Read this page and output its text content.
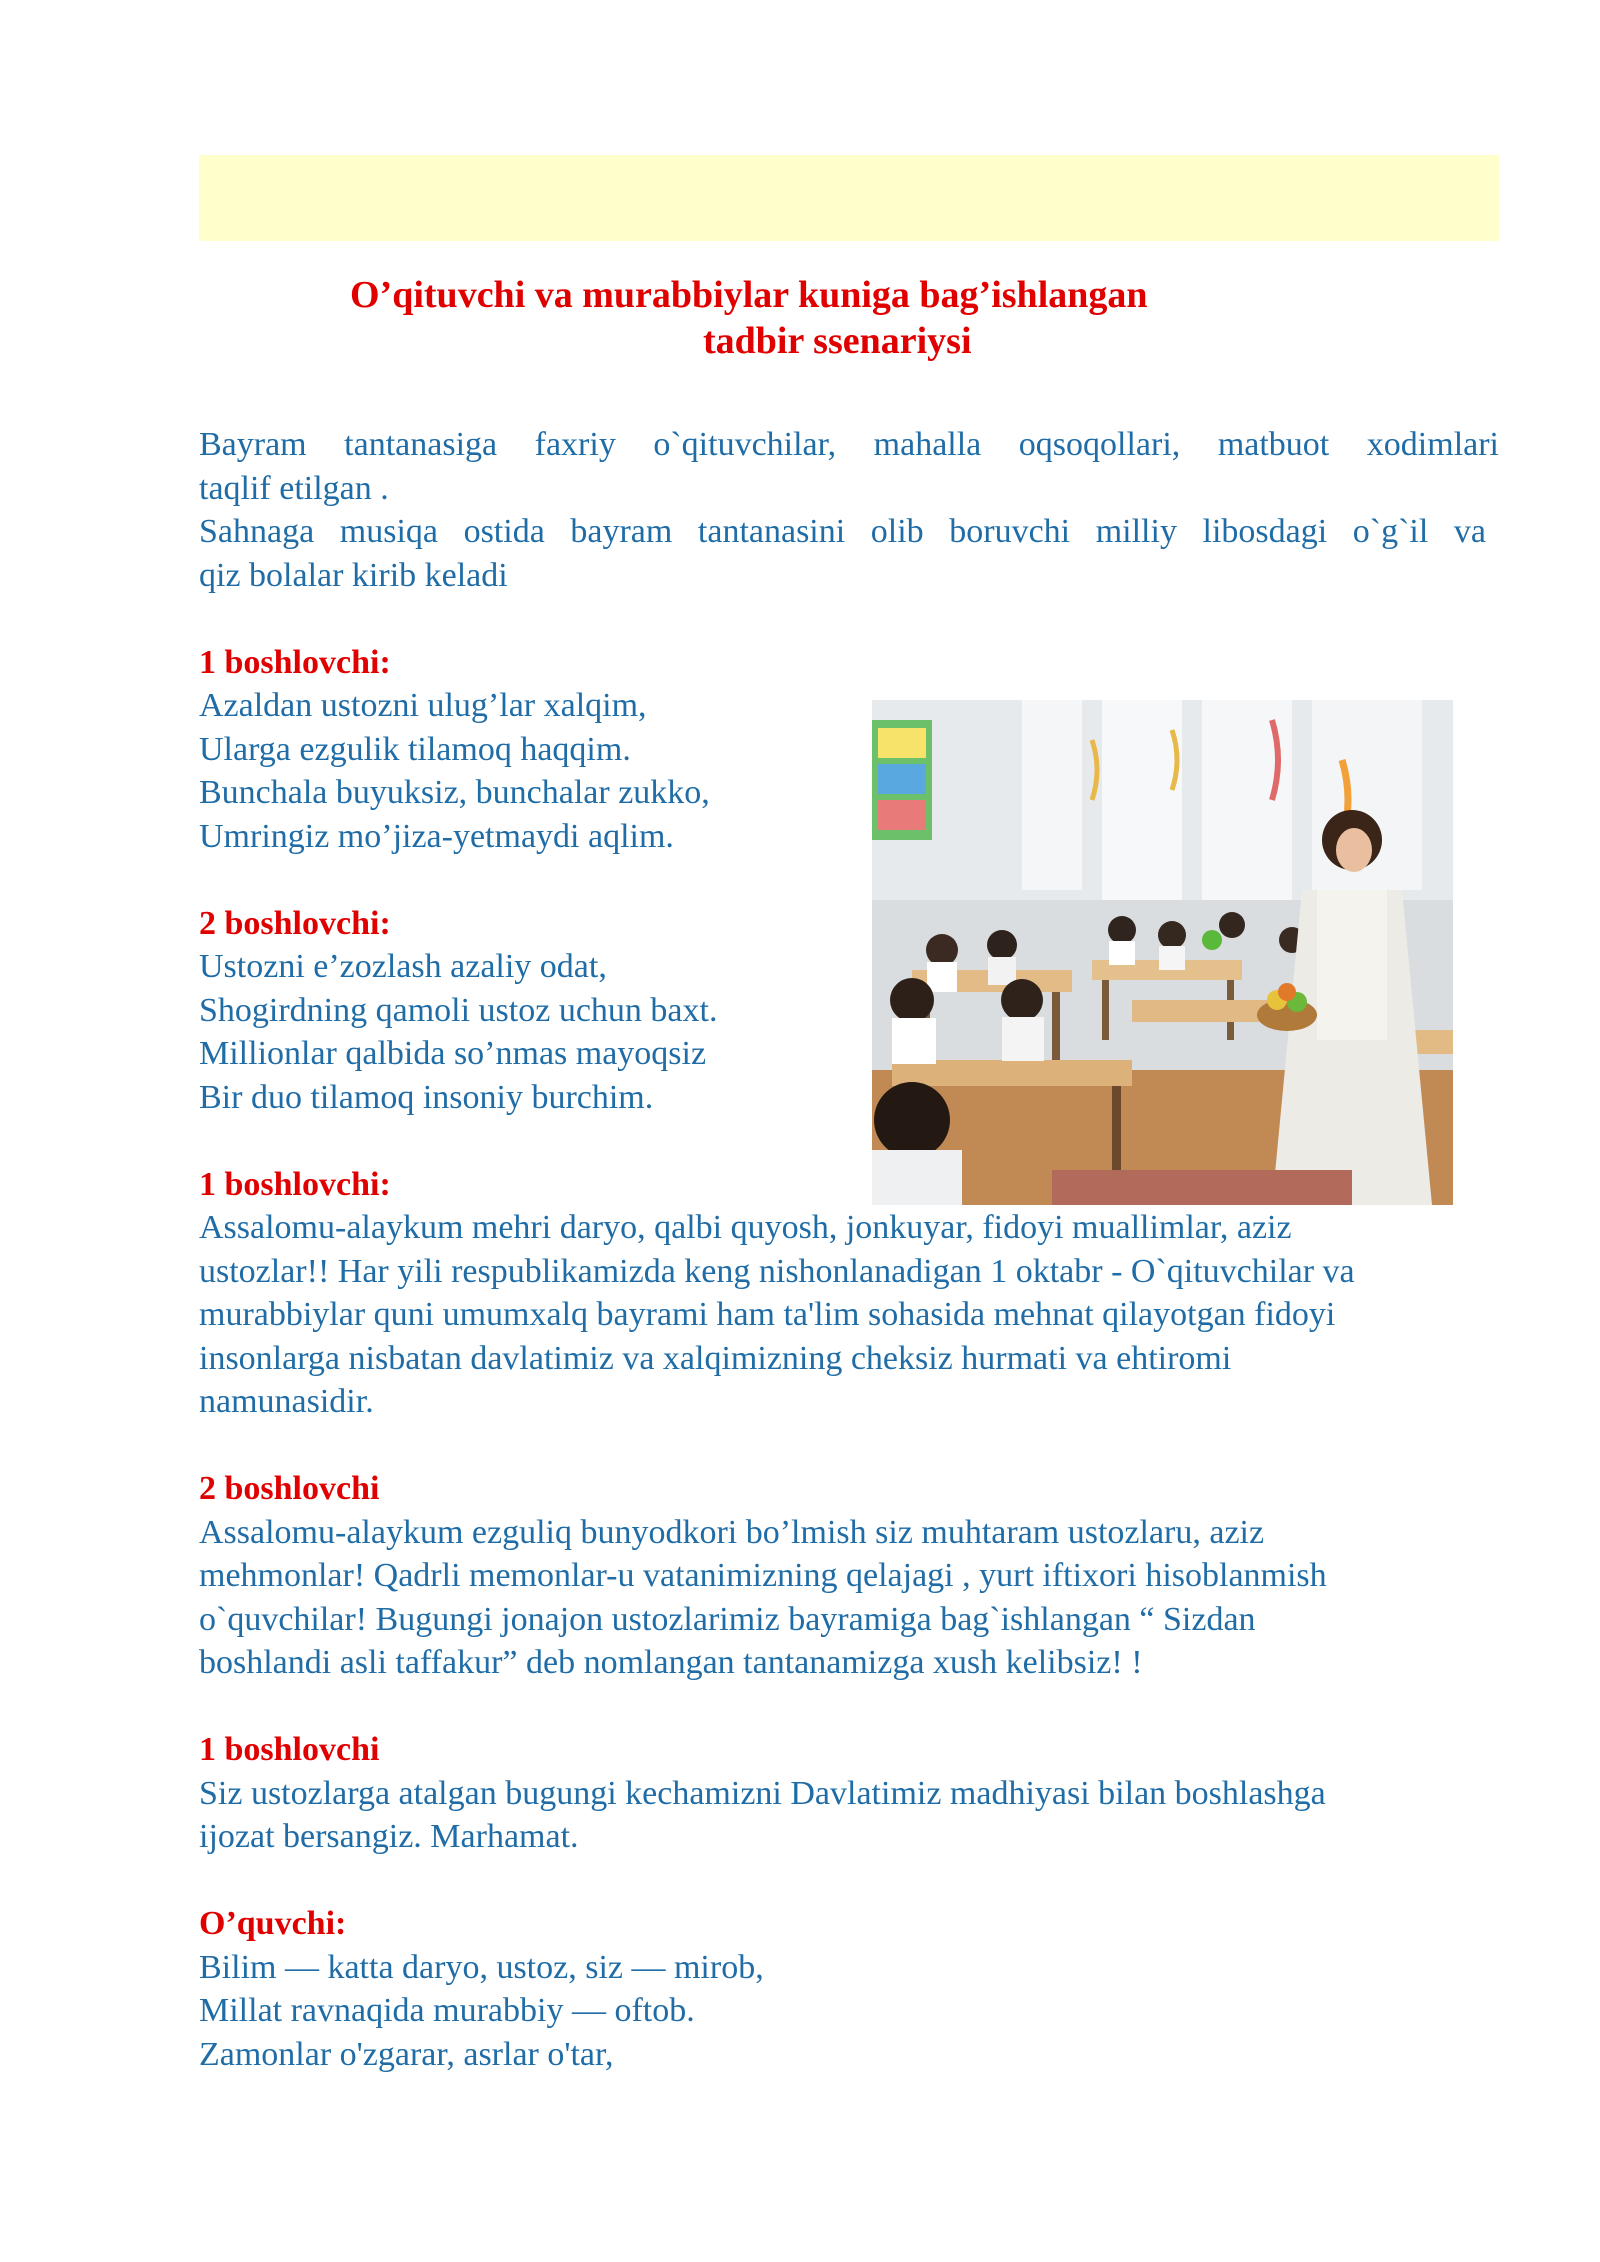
O’qituvchi va murabbiylar kuniga bag’ishlangan
tadbir ssenariysi

Bayram tantanasiga faxriy o`qituvchilar, mahalla oqsoqollari, matbuot xodimlari

taqlif etilgan .

Sahnaga musiqa ostida bayram tantanasini olib boruvchi milliy libosdagi o`g`il va

qiz bolalar kirib keladi

1 boshlovchi:

Azaldan ustozni ulug’lar xalqim,

Ularga ezgulik tilamoq haqqim.

Bunchala buyuksiz, bunchalar zukko,

Umringiz mo’jiza-yetmaydi aqlim.

2 boshlovchi:

Ustozni e’zozlash azaliy odat,

Shogirdning qamoli ustoz uchun baxt.

Millionlar qalbida so’nmas mayoqsiz

Bir duo tilamoq insoniy burchim.

1 boshlovchi:

Assalomu-alaykum mehri daryo, qalbi quyosh, jonkuyar, fidoyi muallimlar, aziz

ustozlar!! Har yili respublikamizda keng nishonlanadigan 1 oktabr - O`qituvchilar va

murabbiylar quni umumxalq bayrami ham ta'lim sohasida mehnat qilayotgan fidoyi

insonlarga nisbatan davlatimiz va xalqimizning cheksiz hurmati va ehtiromi

namunasidir.

2 boshlovchi

Assalomu-alaykum ezguliq bunyodkori bo’lmish siz muhtaram ustozlaru, aziz

mehmonlar! Qadrli memonlar-u vatanimizning qelajagi , yurt iftixori hisoblanmish

o`quvchilar! Bugungi jonajon ustozlarimiz bayramiga bag`ishlangan “ Sizdan

boshlandi asli taffakur” deb nomlangan tantanamizga xush kelibsiz! !

1 boshlovchi

Siz ustozlarga atalgan bugungi kechamizni Davlatimiz madhiyasi bilan boshlashga

ijozat bersangiz. Marhamat.

O’quvchi:

Bilim — katta daryo, ustoz, siz — mirob,

Millat ravnaqida murabbiy — oftob.

Zamonlar o'zgarar, asrlar o'tar,
